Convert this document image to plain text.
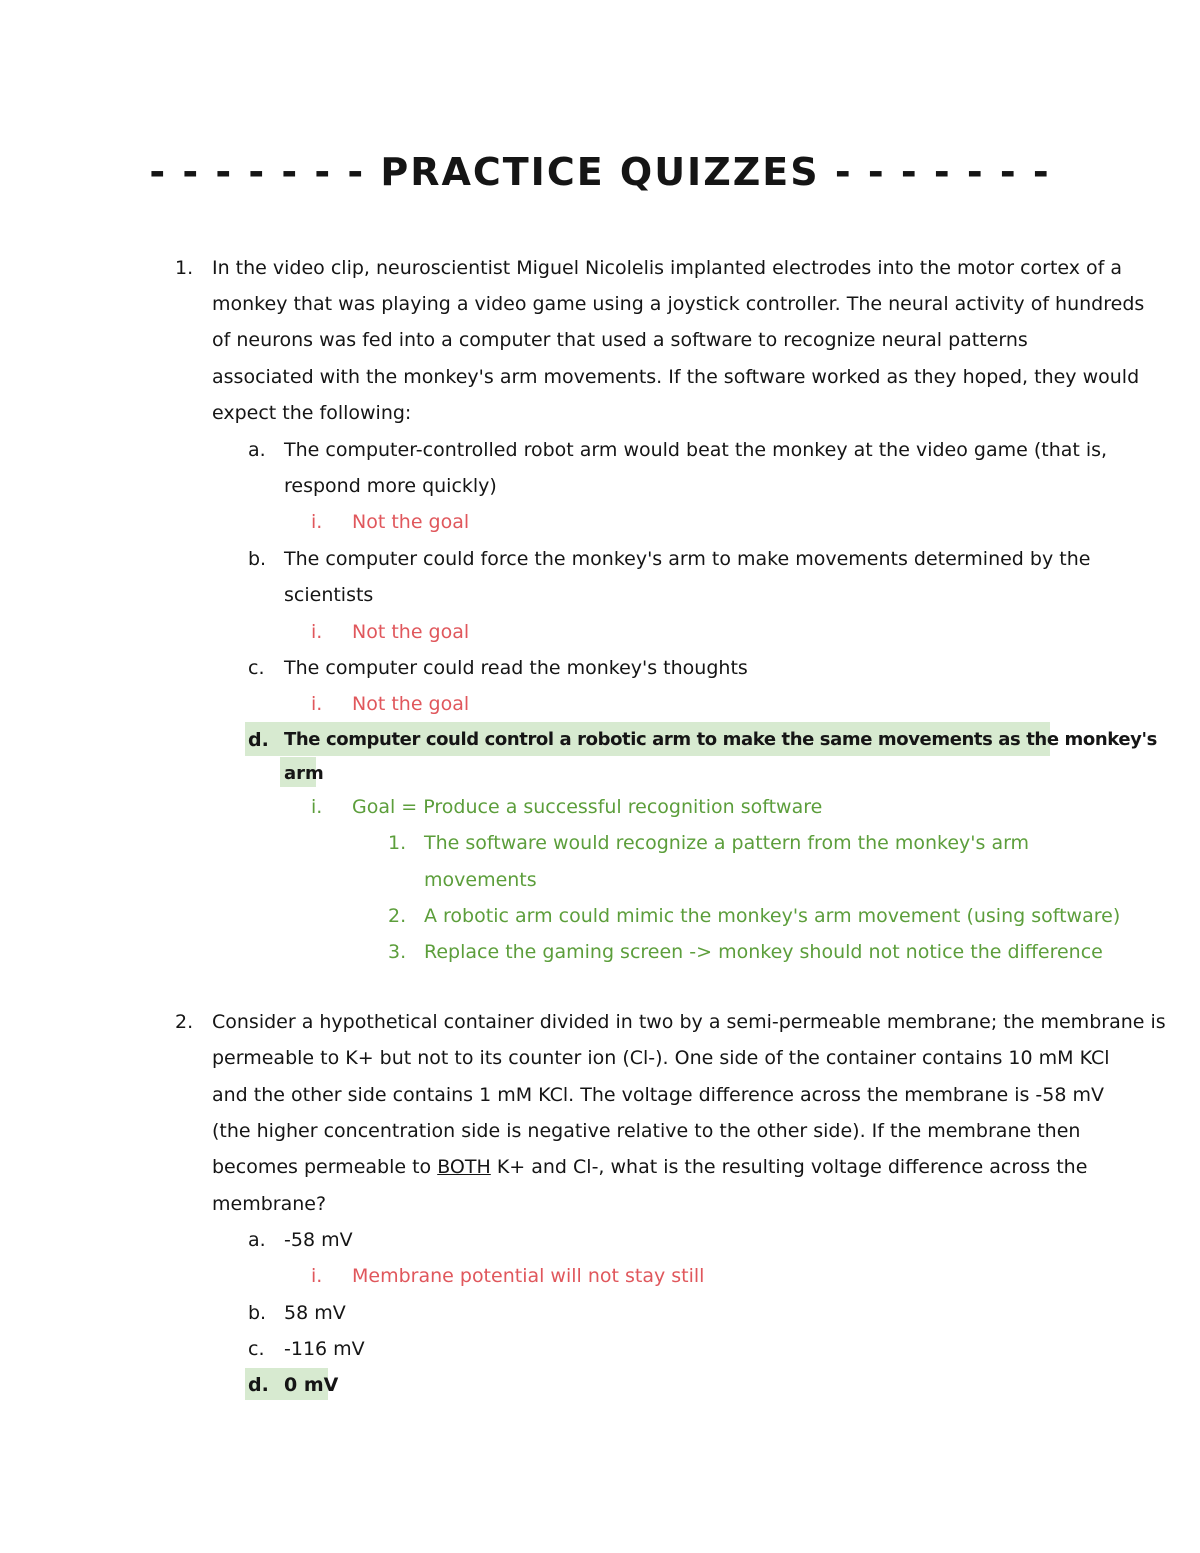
- - - - - - - PRACTICE QUIZZES - - - - - - -
1. In the video clip, neuroscientist Miguel Nicolelis implanted electrodes into the motor cortex of a
monkey that was playing a video game using a joystick controller. The neural activity of hundreds
of neurons was fed into a computer that used a software to recognize neural patterns
associated with the monkey's arm movements. If the software worked as they hoped, they would
expect the following:
a. The computer-controlled robot arm would beat the monkey at the video game (that is,
respond more quickly)
i. Not the goal
b. The computer could force the monkey's arm to make movements determined by the
scientists
i. Not the goal
c. The computer could read the monkey's thoughts
i. Not the goal
d. The computer could control a robotic arm to make the same movements as the monkey's
arm
i. Goal = Produce a successful recognition software
1. The software would recognize a pattern from the monkey's arm
movements
2. A robotic arm could mimic the monkey's arm movement (using software)
3. Replace the gaming screen -> monkey should not notice the difference
2. Consider a hypothetical container divided in two by a semi-permeable membrane; the membrane is
permeable to K+ but not to its counter ion (Cl-). One side of the container contains 10 mM KCl
and the other side contains 1 mM KCl. The voltage difference across the membrane is -58 mV
(the higher concentration side is negative relative to the other side). If the membrane then
becomes permeable to BOTH K+ and Cl-, what is the resulting voltage difference across the
membrane?
a. -58 mV
i. Membrane potential will not stay still
b. 58 mV
c. -116 mV
d. 0 mV
